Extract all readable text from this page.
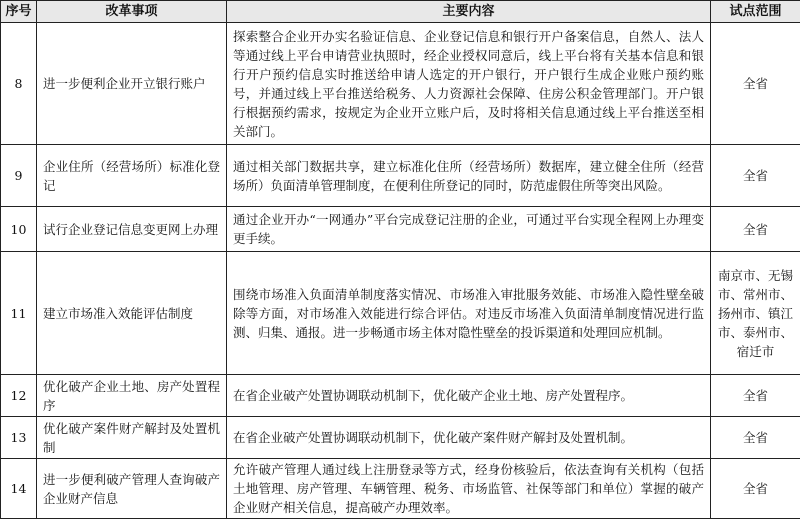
序号	改革事项	主要内容	试点范围
8	进一步便利企业开立银行账户	探索整合企业开办实名验证信息、企业登记信息和银行开户备案信息，自然人、法人等通过线上平台申请营业执照时，经企业授权同意后，线上平台将有关基本信息和银行开户预约信息实时推送给申请人选定的开户银行，开户银行生成企业账户预约账号，并通过线上平台推送给税务、人力资源社会保障、住房公积金管理部门。开户银行根据预约需求，按规定为企业开立账户后，及时将相关信息通过线上平台推送至相关部门。	全省
9	企业住所（经营场所）标准化登记	通过相关部门数据共享，建立标准化住所（经营场所）数据库，建立健全住所（经营场所）负面清单管理制度，在便利住所登记的同时，防范虚假住所等突出风险。	全省
10	试行企业登记信息变更网上办理	通过企业开办“一网通办”平台完成登记注册的企业，可通过平台实现全程网上办理变更手续。	全省
11	建立市场准入效能评估制度	围绕市场准入负面清单制度落实情况、市场准入审批服务效能、市场准入隐性壁垒破除等方面，对市场准入效能进行综合评估。对违反市场准入负面清单制度情况进行监测、归集、通报。进一步畅通市场主体对隐性壁垒的投诉渠道和处理回应机制。	南京市、无锡市、常州市、扬州市、镇江市、泰州市、宿迁市
12	优化破产企业土地、房产处置程序	在省企业破产处置协调联动机制下，优化破产企业土地、房产处置程序。	全省
13	优化破产案件财产解封及处置机制	在省企业破产处置协调联动机制下，优化破产案件财产解封及处置机制。	全省
14	进一步便利破产管理人查询破产企业财产信息	允许破产管理人通过线上注册登录等方式，经身份核验后，依法查询有关机构（包括土地管理、房产管理、车辆管理、税务、市场监管、社保等部门和单位）掌握的破产企业财产相关信息，提高破产办理效率。	全省
